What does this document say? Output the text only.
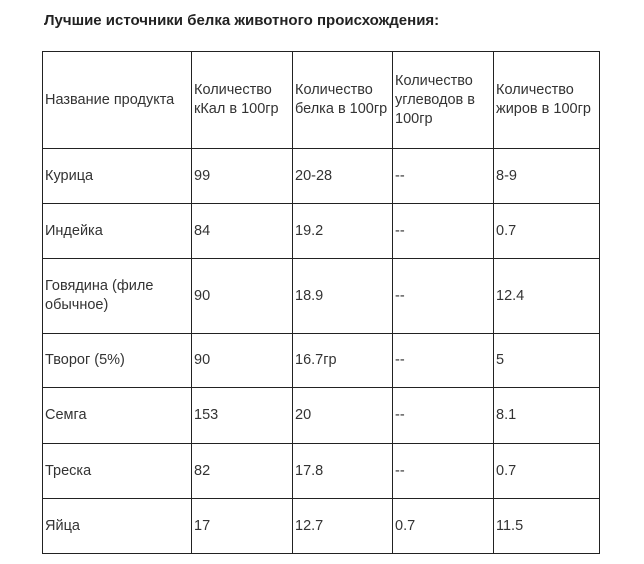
Лучшие источники белка животного происхождения:
Название продукта	Количество кКал в 100гр	Количество белка в 100гр	Количество углеводов в 100гр	Количество жиров в 100гр
Курица	99	20-28	--	8-9
Индейка	84	19.2	--	0.7
Говядина (филе обычное)	90	18.9	--	12.4
Творог (5%)	90	16.7гр	--	5
Семга	153	20	--	8.1
Треска	82	17.8	--	0.7
Яйца	17	12.7	0.7	11.5
